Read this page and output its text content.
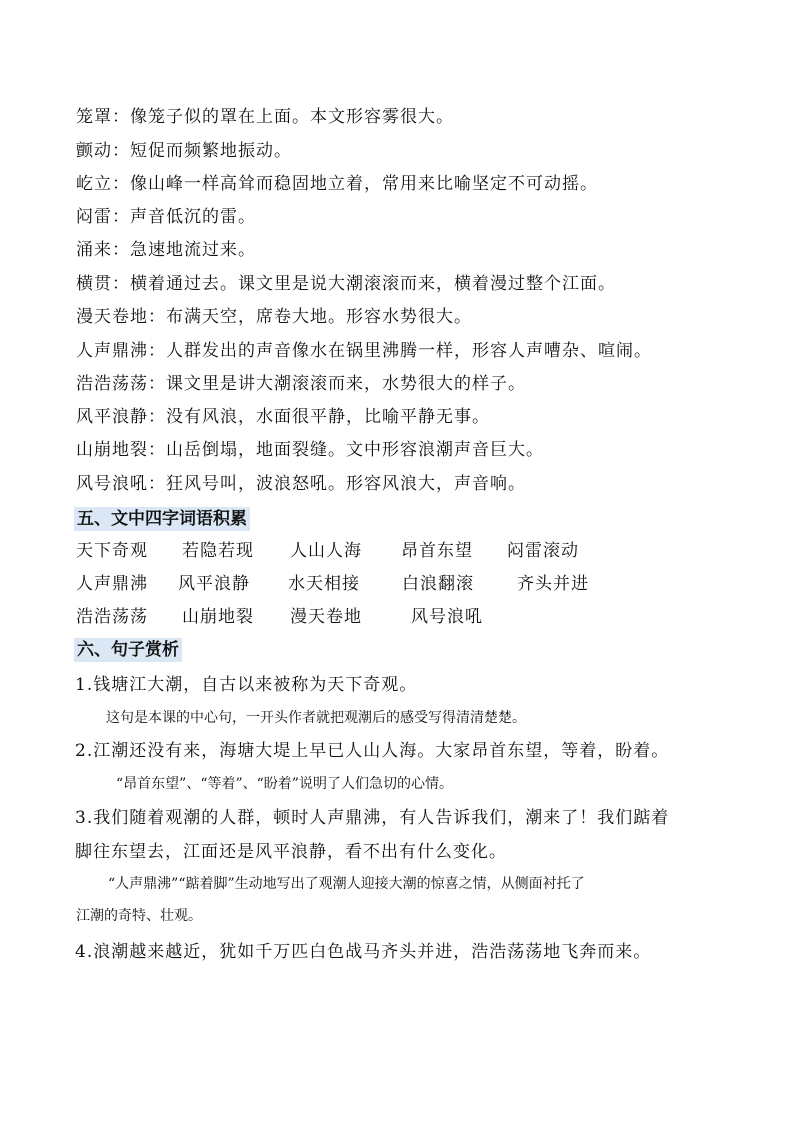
笼罩：像笼子似的罩在上面。本文形容雾很大。
颤动：短促而频繁地振动。
屹立：像山峰一样高耸而稳固地立着，常用来比喻坚定不可动摇。
闷雷：声音低沉的雷。
涌来：急速地流过来。
横贯：横着通过去。课文里是说大潮滚滚而来，横着漫过整个江面。
漫天卷地：布满天空，席卷大地。形容水势很大。
人声鼎沸：人群发出的声音像水在锅里沸腾一样，形容人声嘈杂、喧闹。
浩浩荡荡：课文里是讲大潮滚滚而来，水势很大的样子。
风平浪静：没有风浪，水面很平静，比喻平静无事。
山崩地裂：山岳倒塌，地面裂缝。文中形容浪潮声音巨大。
风号浪吼：狂风号叫，波浪怒吼。形容风浪大，声音响。
五、文中四字词语积累
天下奇观 若隐若现 人山人海 昂首东望 闷雷滚动
人声鼎沸 风平浪静 水天相接 白浪翻滚	齐头并进
浩浩荡荡 山崩地裂 漫天卷地	风号浪吼
六、句子赏析
1.钱塘江大潮，自古以来被称为天下奇观。
这句是本课的中心句，一开头作者就把观潮后的感受写得清清楚楚。
2.江潮还没有来，海塘大堤上早已人山人海。大家昂首东望，等着，盼着。
“昂首东望”、“等着”、“盼着”说明了人们急切的心情。
3.我们随着观潮的人群，顿时人声鼎沸，有人告诉我们，潮来了！我们踮着
脚往东望去，江面还是风平浪静，看不出有什么变化。
“人声鼎沸”“踮着脚”生动地写出了观潮人迎接大潮的惊喜之情，从侧面衬托了
江潮的奇特、壮观。
4.浪潮越来越近，犹如千万匹白色战马齐头并进，浩浩荡荡地飞奔而来。
